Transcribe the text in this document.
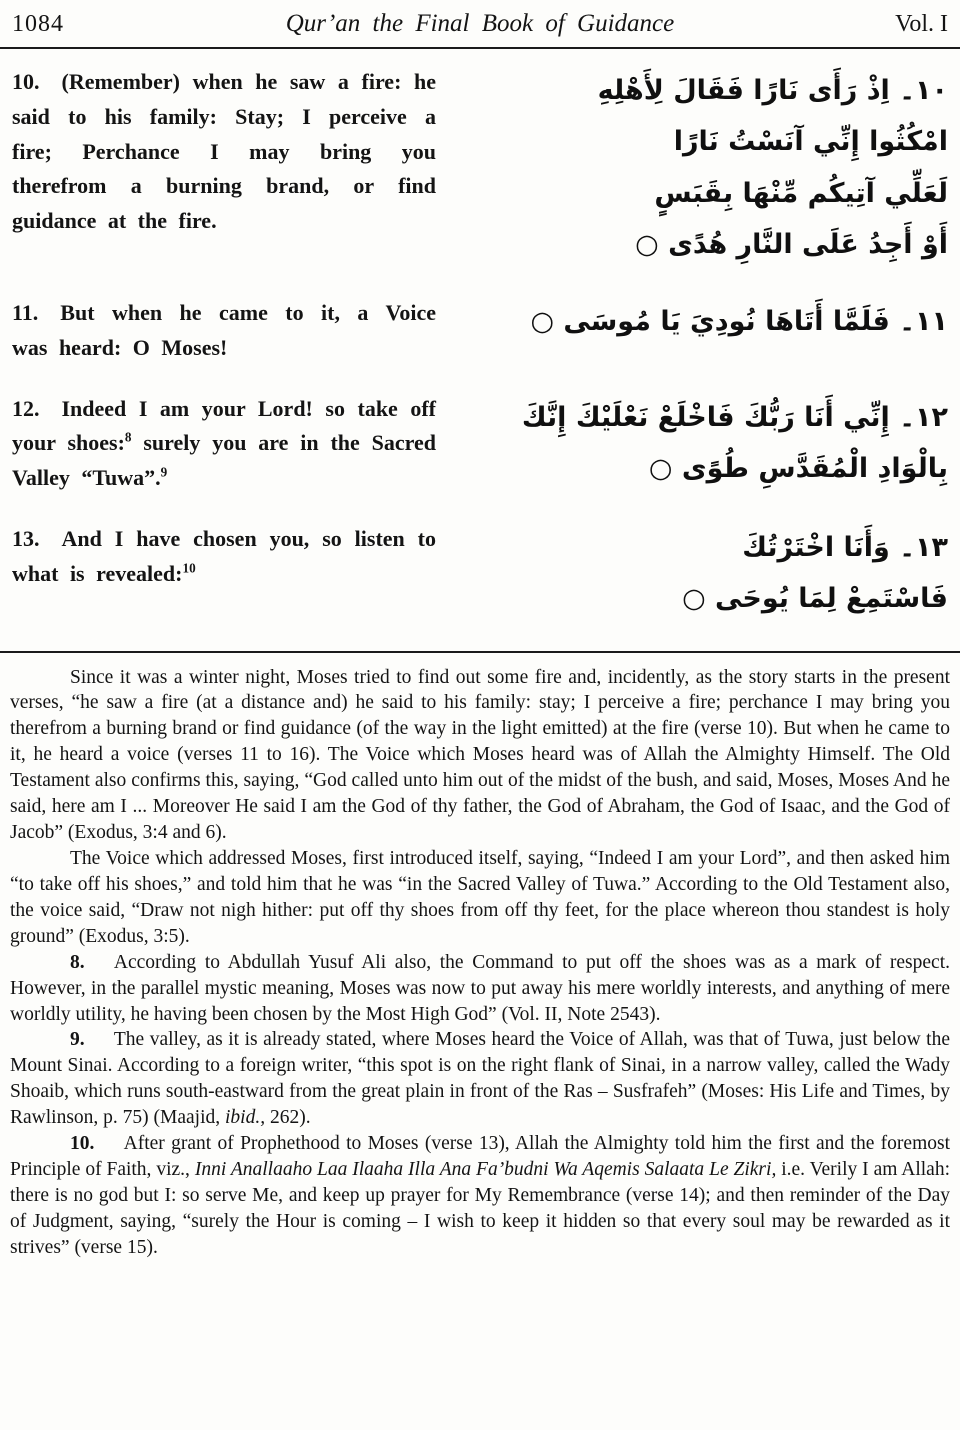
1084	Qur’an the Final Book of Guidance	Vol. I
10. (Remember) when he saw a fire: he said to his family: Stay; I perceive a fire; Perchance I may bring you therefrom a burning brand, or find guidance at the fire.
١٠۔ اِذْ رَأَى نَارًا فَقَالَ لِأَهْلِهِ
امْكُثُوا إِنِّي آنَسْتُ نَارًا
لَعَلِّي آتِيكُم مِّنْهَا بِقَبَسٍ
أَوْ أَجِدُ عَلَى النَّارِ هُدًى ○
11. But when he came to it, a Voice was heard: O Moses!
١١۔ فَلَمَّا أَتَاهَا نُودِيَ يَا مُوسَى ○
12. Indeed I am your Lord! so take off your shoes:$^8$ surely you are in the Sacred Valley “Tuwa”.$^9$
١٢۔ إِنِّي أَنَا رَبُّكَ فَاخْلَعْ نَعْلَيْكَ إِنَّكَ
بِالْوَادِ الْمُقَدَّسِ طُوًى ○
13. And I have chosen you, so listen to what is revealed:$^{10}$
١٣۔ وَأَنَا اخْتَرْتُكَ
فَاسْتَمِعْ لِمَا يُوحَى ○

Since it was a winter night, Moses tried to find out some fire and, incidently, as the story starts in the present verses, “he saw a fire (at a distance and) he said to his family: stay; I perceive a fire; perchance I may bring you therefrom a burning brand or find guidance (of the way in the light emitted) at the fire (verse 10). But when he came to it, he heard a voice (verses 11 to 16). The Voice which Moses heard was of Allah the Almighty Himself. The Old Testament also confirms this, saying, “God called unto him out of the midst of the bush, and said, Moses, Moses And he said, here am I ... Moreover He said I am the God of thy father, the God of Abraham, the God of Isaac, and the God of Jacob” (Exodus, 3:4 and 6).

The Voice which addressed Moses, first introduced itself, saying, “Indeed I am your Lord”, and then asked him “to take off his shoes,” and told him that he was “in the Sacred Valley of Tuwa.” According to the Old Testament also, the voice said, “Draw not nigh hither: put off thy shoes from off thy feet, for the place whereon thou standest is holy ground” (Exodus, 3:5).

8.  According to Abdullah Yusuf Ali also, the Command to put off the shoes was as a mark of respect. However, in the parallel mystic meaning, Moses was now to put away his mere worldly interests, and anything of mere worldly utility, he having been chosen by the Most High God” (Vol. II, Note 2543).

9.  The valley, as it is already stated, where Moses heard the Voice of Allah, was that of Tuwa, just below the Mount Sinai. According to a foreign writer, “this spot is on the right flank of Sinai, in a narrow valley, called the Wady Shoaib, which runs south-eastward from the great plain in front of the Ras – Susfrafeh” (Moses: His Life and Times, by Rawlinson, p. 75) (Maajid, ibid., 262).

10.  After grant of Prophethood to Moses (verse 13), Allah the Almighty told him the first and the foremost Principle of Faith, viz., Inni Anallaaho Laa Ilaaha Illa Ana Fa’budni Wa Aqemis Salaata Le Zikri, i.e. Verily I am Allah: there is no god but I: so serve Me, and keep up prayer for My Remembrance (verse 14); and then reminder of the Day of Judgment, saying, “surely the Hour is coming – I wish to keep it hidden so that every soul may be rewarded as it strives” (verse 15).
